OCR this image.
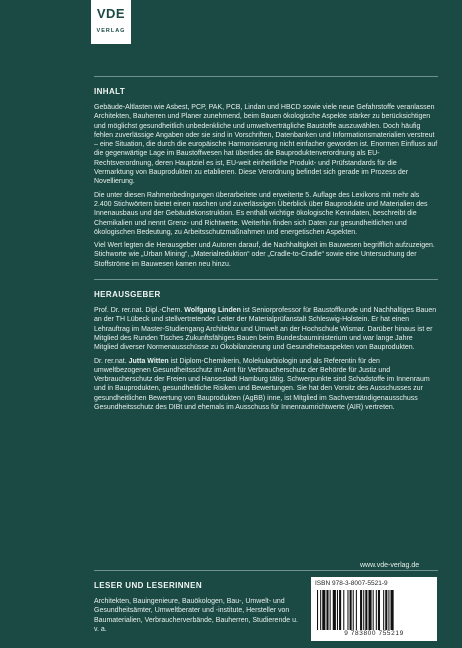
VDE
VERLAG
INHALT

Gebäude-Altlasten wie Asbest, PCP, PAK, PCB, Lindan und HBCD sowie viele neue Gefahrstoffe veranlassen Architekten, Bauherren und Planer zunehmend, beim Bauen ökologische Aspekte stärker zu berücksichtigen und möglichst gesundheitlich unbedenkliche und umweltverträgliche Baustoffe auszuwählen. Doch häufig fehlen zuverlässige Angaben oder sie sind in Vorschriften, Datenbanken und Informationsmaterialien verstreut – eine Situation, die durch die europäische Harmonisierung nicht einfacher geworden ist. Enormen Einfluss auf die gegenwärtige Lage im Baustoffwesen hat überdies die Bauproduktenverordnung als EU-Rechtsverordnung, deren Hauptziel es ist, EU-weit einheitliche Produkt- und Prüfstandards für die Vermarktung von Bauprodukten zu etablieren. Diese Verordnung befindet sich gerade im Prozess der Novellierung.

Die unter diesen Rahmenbedingungen überarbeitete und erweiterte 5. Auflage des Lexikons mit mehr als 2.400 Stichwörtern bietet einen raschen und zuverlässigen Überblick über Bauprodukte und Materialien des Innenausbaus und der Gebäudekonstruktion. Es enthält wichtige ökologische Kenndaten, beschreibt die Chemikalien und nennt Grenz- und Richtwerte. Weiterhin finden sich Daten zur gesundheitlichen und ökologischen Bedeutung, zu Arbeitsschutzmaßnahmen und energetischen Aspekten.

Viel Wert legten die Herausgeber und Autoren darauf, die Nachhaltigkeit im Bauwesen begrifflich aufzuzeigen. Stichworte wie „Urban Mining“, „Materialreduktion“ oder „Cradle-to-Cradle“ sowie eine Untersuchung der Stoffströme im Bauwesen kamen neu hinzu.

HERAUSGEBER

Prof. Dr. rer.nat. Dipl.-Chem. Wolfgang Linden ist Seniorprofessor für Baustoffkunde und Nachhaltiges Bauen an der TH Lübeck und stellvertretender Leiter der Materialprüfanstalt Schleswig-Holstein. Er hat einen Lehrauftrag im Master-Studiengang Architektur und Umwelt an der Hochschule Wismar. Darüber hinaus ist er Mitglied des Runden Tisches Zukunftsfähiges Bauen beim Bundesbauministerium und war lange Jahre Mitglied diverser Normenausschüsse zu Ökobilanzierung und Gesundheitsaspekten von Bauprodukten.

Dr. rer.nat. Jutta Witten ist Diplom-Chemikerin, Molekularbiologin und als Referentin für den umweltbezogenen Gesundheitsschutz im Amt für Verbraucherschutz der Behörde für Justiz und Verbraucherschutz der Freien und Hansestadt Hamburg tätig. Schwerpunkte sind Schadstoffe im Innenraum und in Bauprodukten, gesundheitliche Risiken und Bewertungen. Sie hat den Vorsitz des Ausschusses zur gesundheitlichen Bewertung von Bauprodukten (AgBB) inne, ist Mitglied im Sachverständigenausschuss Gesundheitsschutz des DIBt und ehemals im Ausschuss für Innenraumrichtwerte (AIR) vertreten.

www.vde-verlag.de
LESER UND LESERINNEN

Architekten, Bauingenieure, Bauökologen, Bau-, Umwelt- und Gesundheitsämter, Umweltberater und -institute, Hersteller von Baumaterialien, Verbraucherverbände, Bauherren, Studierende u. v. a.

ISBN 978-3-8007-5521-9
9 783800 755219
